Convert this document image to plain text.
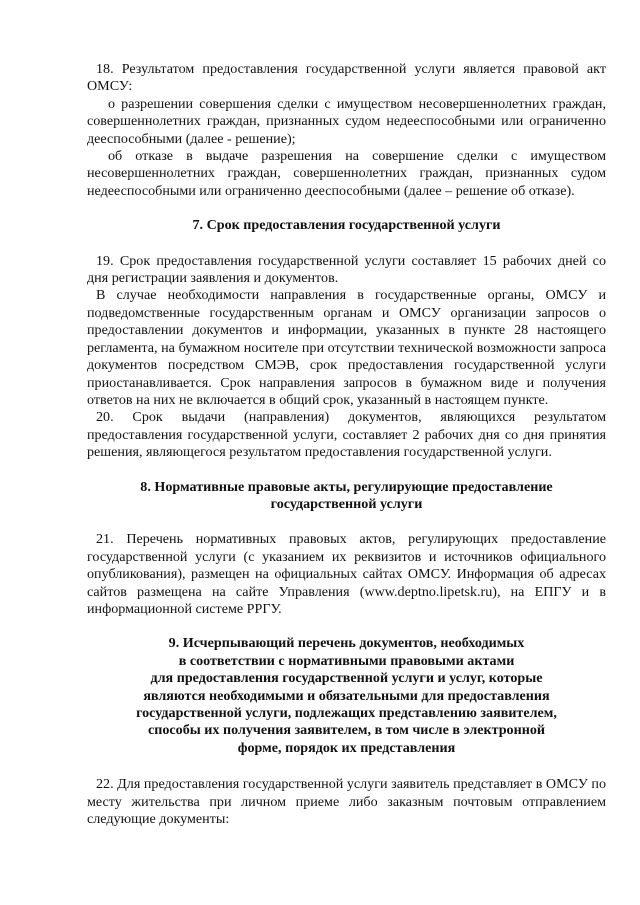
18. Результатом предоставления государственной услуги является правовой акт ОМСУ:

о разрешении совершения сделки с имуществом несовершеннолетних граждан, совершеннолетних граждан, признанных судом недееспособными или ограниченно дееспособными (далее - решение);

об отказе в выдаче разрешения на совершение сделки с имуществом несовершеннолетних граждан, совершеннолетних граждан, признанных судом недееспособными или ограниченно дееспособными (далее – решение об отказе).

7. Срок предоставления государственной услуги

19. Срок предоставления государственной услуги составляет 15 рабочих дней со дня регистрации заявления и документов.

В случае необходимости направления в государственные органы, ОМСУ и подведомственные государственным органам и ОМСУ организации запросов о предоставлении документов и информации, указанных в пункте 28 настоящего регламента, на бумажном носителе при отсутствии технической возможности запроса документов посредством СМЭВ, срок предоставления государственной услуги приостанавливается. Срок направления запросов в бумажном виде и получения ответов на них не включается в общий срок, указанный в настоящем пункте.

20. Срок выдачи (направления) документов, являющихся результатом предоставления государственной услуги, составляет 2 рабочих дня со дня принятия решения, являющегося результатом предоставления государственной услуги.

8. Нормативные правовые акты, регулирующие предоставление
государственной услуги

21. Перечень нормативных правовых актов, регулирующих предоставление государственной услуги (с указанием их реквизитов и источников официального опубликования), размещен на официальных сайтах ОМСУ. Информация об адресах сайтов размещена на сайте Управления (www.deptno.lipetsk.ru), на ЕПГУ и в информационной системе РРГУ.

9. Исчерпывающий перечень документов, необходимых
в соответствии с нормативными правовыми актами
для предоставления государственной услуги и услуг, которые
являются необходимыми и обязательными для предоставления
государственной услуги, подлежащих представлению заявителем,
способы их получения заявителем, в том числе в электронной
форме, порядок их представления

22. Для предоставления государственной услуги заявитель представляет в ОМСУ по месту жительства при личном приеме либо заказным почтовым отправлением следующие документы:
